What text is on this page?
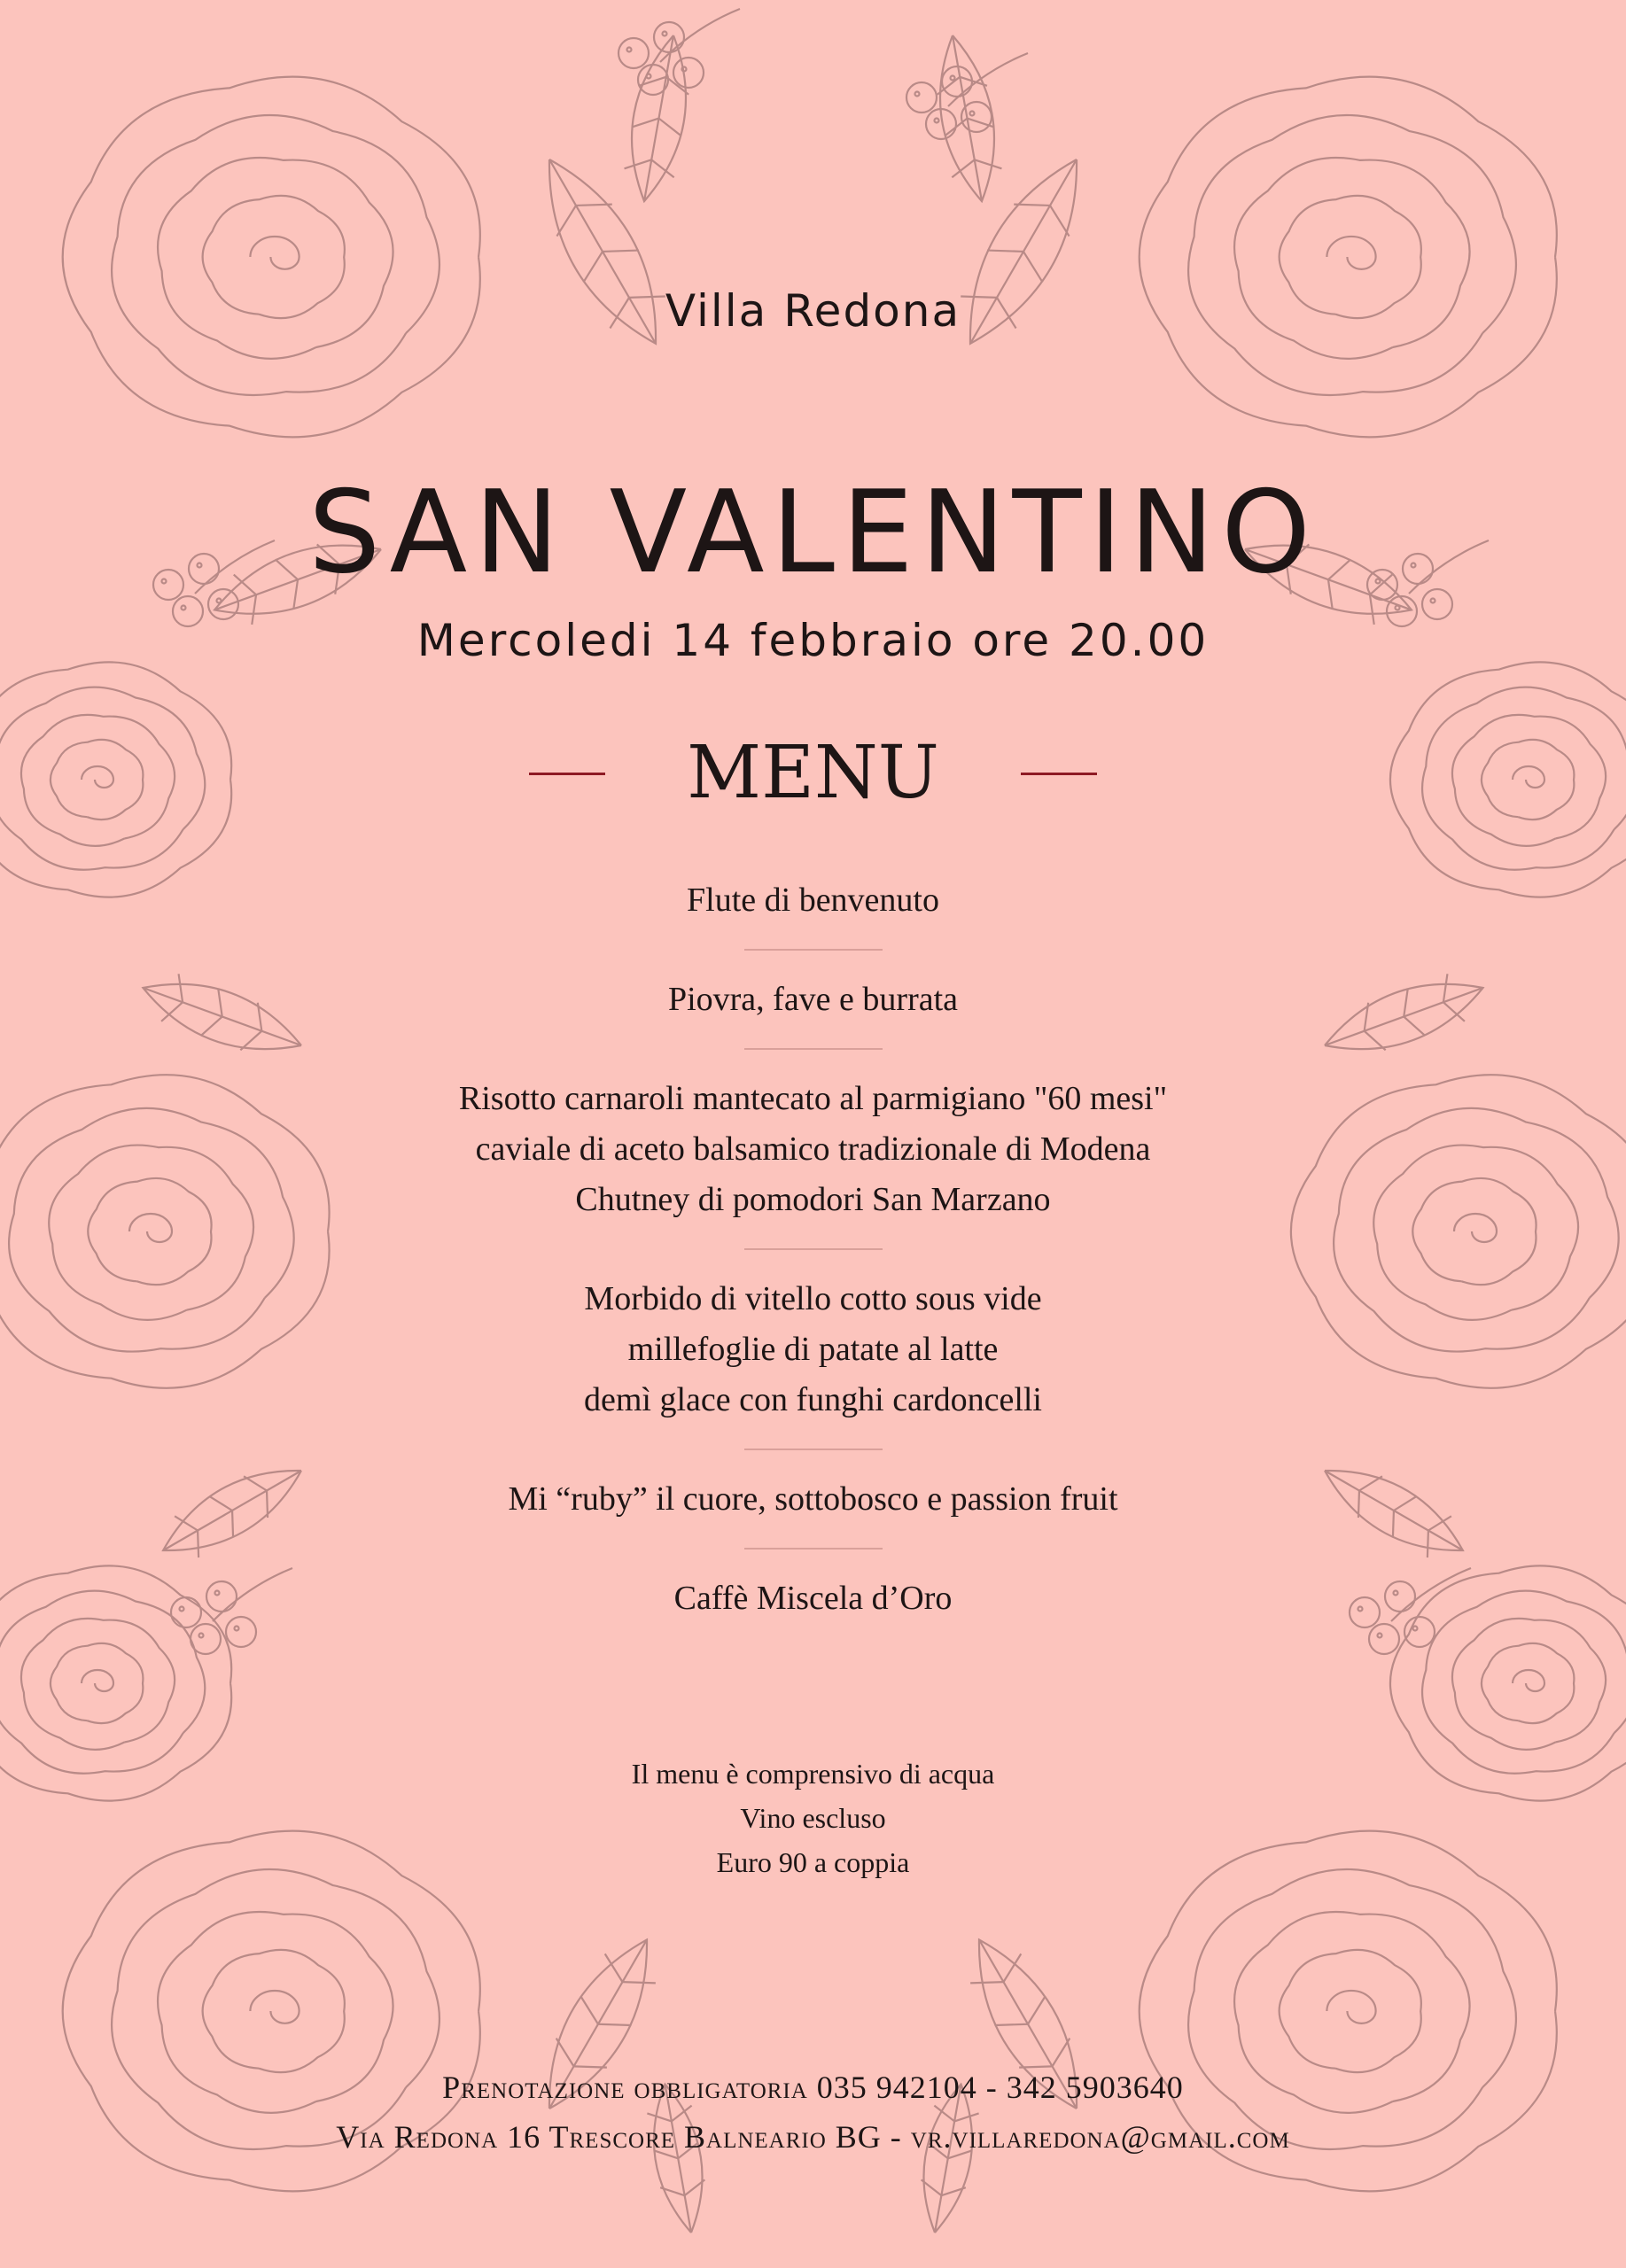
Villa Redona
SAN VALENTINO
Mercoledi 14 febbraio ore 20.00
MENU
Flute di benvenuto
Piovra, fave e burrata
Risotto carnaroli mantecato al parmigiano "60 mesi"
caviale di aceto balsamico tradizionale di Modena
Chutney di pomodori San Marzano
Morbido di vitello cotto sous vide
millefoglie di patate al latte
demì glace con funghi cardoncelli
Mi “ruby” il cuore, sottobosco e passion fruit
Caffè Miscela d’Oro
Il menu è comprensivo di acqua
Vino escluso
Euro 90 a coppia
Prenotazione obbligatoria 035 942104 - 342 5903640
Via Redona 16 Trescore Balneario BG - vr.villaredona@gmail.com
